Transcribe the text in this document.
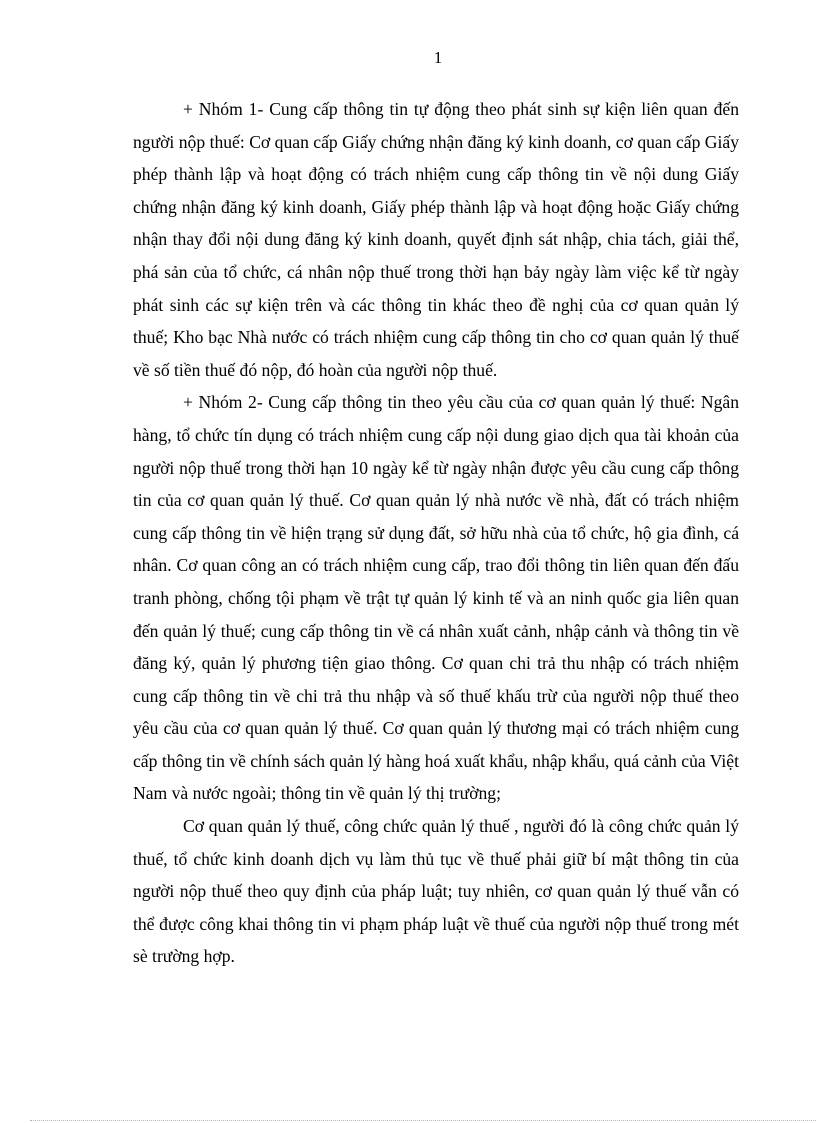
1

+ Nhóm 1- Cung cấp thông tin tự động theo phát sinh sự kiện liên quan đến người nộp thuế: Cơ quan cấp Giấy chứng nhận đăng ký kinh doanh, cơ quan cấp Giấy phép thành lập và hoạt động có trách nhiệm cung cấp thông tin về nội dung Giấy chứng nhận đăng ký kinh doanh, Giấy phép thành lập và hoạt động hoặc Giấy chứng nhận thay đổi nội dung đăng ký kinh doanh, quyết định sát nhập, chia tách, giải thể, phá sản của tổ chức, cá nhân nộp thuế trong thời hạn bảy ngày làm việc kể từ ngày phát sinh các sự kiện trên và các thông tin khác theo đề nghị của cơ quan quản lý thuế; Kho bạc Nhà nước có trách nhiệm cung cấp thông tin cho cơ quan quản lý thuế về số tiền thuế đó nộp, đó hoàn của người nộp thuế.

+ Nhóm 2- Cung cấp thông tin theo yêu cầu của cơ quan quản lý thuế: Ngân hàng, tổ chức tín dụng có trách nhiệm cung cấp nội dung giao dịch qua tài khoản của người nộp thuế trong thời hạn 10 ngày kể từ ngày nhận được yêu cầu cung cấp thông tin của cơ quan quản lý thuế. Cơ quan quản lý nhà nước về nhà, đất có trách nhiệm cung cấp thông tin về hiện trạng sử dụng đất, sở hữu nhà của tổ chức, hộ gia đình, cá nhân. Cơ quan công an có trách nhiệm cung cấp, trao đổi thông tin liên quan đến đấu tranh phòng, chống tội phạm về trật tự quản lý kinh tế và an ninh quốc gia liên quan đến quản lý thuế; cung cấp thông tin về cá nhân xuất cảnh, nhập cảnh và thông tin về đăng ký, quản lý phương tiện giao thông. Cơ quan chi trả thu nhập có trách nhiệm cung cấp thông tin về chi trả thu nhập và số thuế khấu trừ của người nộp thuế theo yêu cầu của cơ quan quản lý thuế. Cơ quan quản lý thương mại có trách nhiệm cung cấp thông tin về chính sách quản lý hàng hoá xuất khẩu, nhập khẩu, quá cảnh của Việt Nam và nước ngoài; thông tin về quản lý thị trường;

Cơ quan quản lý thuế, công chức quản lý thuế , người đó là công chức quản lý thuế, tổ chức kinh doanh dịch vụ làm thủ tục về thuế phải giữ bí mật thông tin của người nộp thuế theo quy định của pháp luật; tuy nhiên, cơ quan quản lý thuế vẫn có thể được công khai thông tin vi phạm pháp luật về thuế của người nộp thuế trong mét sè trường hợp.
